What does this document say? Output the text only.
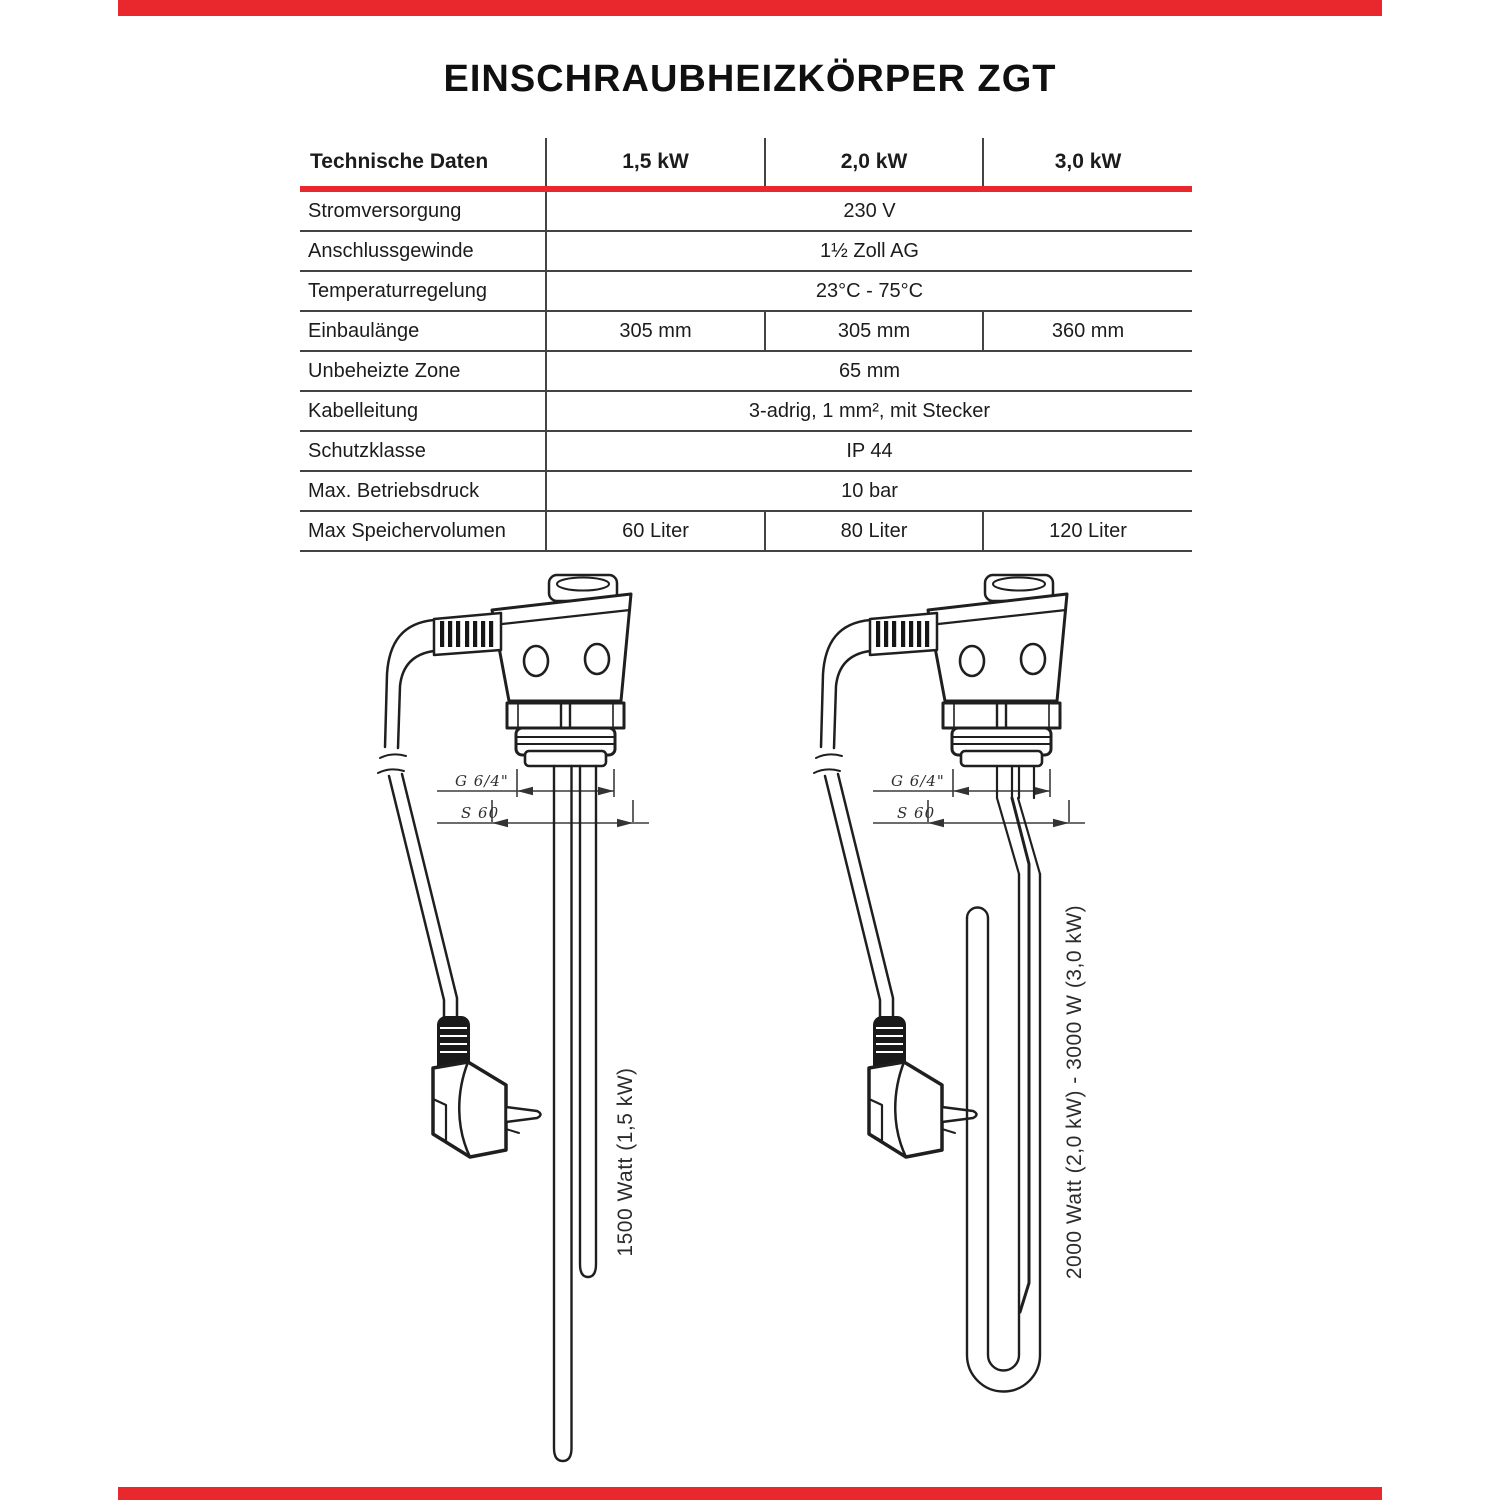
EINSCHRAUBHEIZKÖRPER ZGT
Technische Daten	1,5 kW	2,0 kW	3,0 kW
Stromversorgung	230 V		
Anschlussgewinde	1½ Zoll AG		
Temperaturregelung	23°C - 75°C		
Einbaulänge	305 mm	305 mm	360 mm
Unbeheizte Zone	65 mm		
Kabelleitung	3-adrig, 1 mm², mit Stecker		
Schutzklasse	IP 44		
Max. Betriebsdruck	10 bar		
Max Speichervolumen	60 Liter	80 Liter	120 Liter
G 6/4"
S 60
G 6/4"
S 60
1500 Watt (1,5 kW)	2000 Watt (2,0 kW) - 3000 W (3,0 kW)
